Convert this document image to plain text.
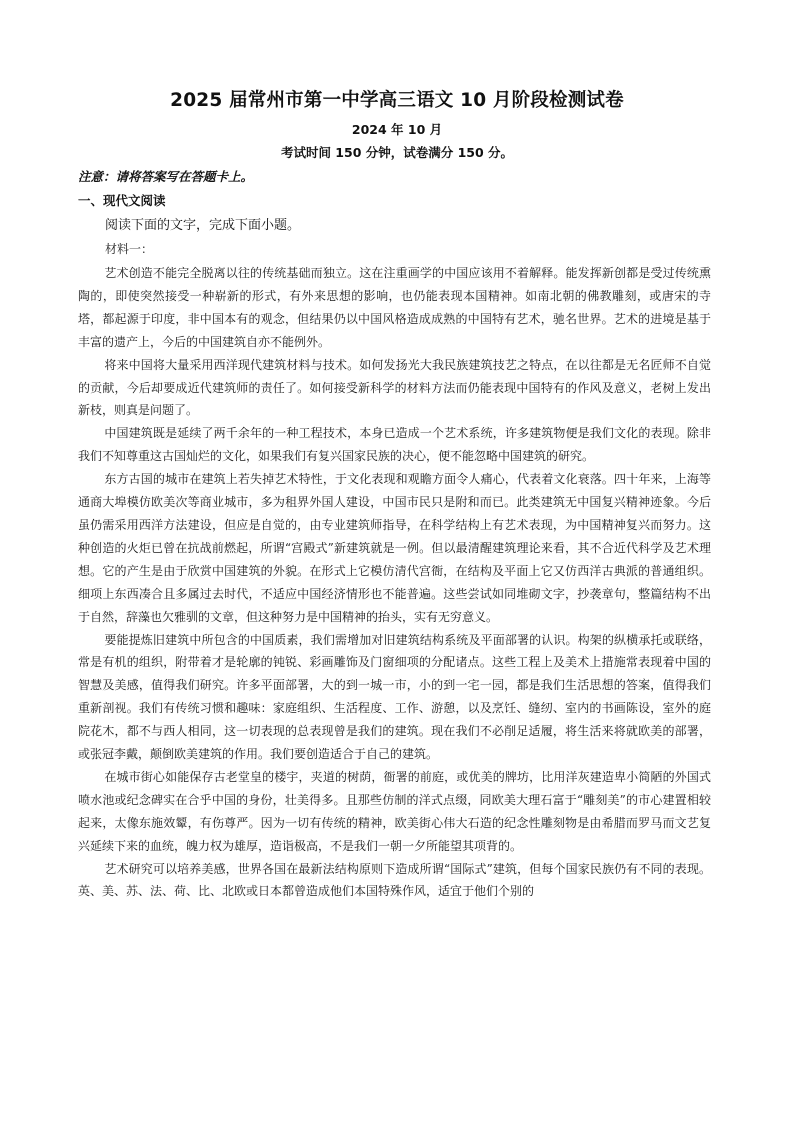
2025 届常州市第一中学高三语文 10 月阶段检测试卷
2024 年 10 月
考试时间 150 分钟，试卷满分 150 分。
注意：请将答案写在答题卡上。
一、现代文阅读
阅读下面的文字，完成下面小题。
材料一：

艺术创造不能完全脱离以往的传统基础而独立。这在注重画学的中国应该用不着解释。能发挥新创都是受过传统熏陶的，即使突然接受一种崭新的形式，有外来思想的影响，也仍能表现本国精神。如南北朝的佛教雕刻，或唐宋的寺塔，都起源于印度，非中国本有的观念，但结果仍以中国风格造成成熟的中国特有艺术，驰名世界。艺术的进境是基于丰富的遗产上，今后的中国建筑自亦不能例外。

将来中国将大量采用西洋现代建筑材料与技术。如何发扬光大我民族建筑技艺之特点，在以往都是无名匠师不自觉的贡献，今后却要成近代建筑师的责任了。如何接受新科学的材料方法而仍能表现中国特有的作风及意义，老树上发出新枝，则真是问题了。

中国建筑既是延续了两千余年的一种工程技术，本身已造成一个艺术系统，许多建筑物便是我们文化的表现。除非我们不知尊重这古国灿烂的文化，如果我们有复兴国家民族的决心，便不能忽略中国建筑的研究。

东方古国的城市在建筑上若失掉艺术特性，于文化表现和观瞻方面令人痛心，代表着文化衰落。四十年来，上海等通商大埠模仿欧美次等商业城市，多为租界外国人建设，中国市民只是附和而已。此类建筑无中国复兴精神迹象。今后虽仍需采用西洋方法建设，但应是自觉的，由专业建筑师指导，在科学结构上有艺术表现，为中国精神复兴而努力。这种创造的火炬已曾在抗战前燃起，所谓“宫殿式”新建筑就是一例。但以最清醒建筑理论来看，其不合近代科学及艺术理想。它的产生是由于欣赏中国建筑的外貌。在形式上它模仿清代宫衙，在结构及平面上它又仿西洋古典派的普通组织。细项上东西凑合且多属过去时代，不适应中国经济情形也不能普遍。这些尝试如同堆砌文字，抄袭章句，整篇结构不出于自然，辞藻也欠雅驯的文章，但这种努力是中国精神的抬头，实有无穷意义。

要能提炼旧建筑中所包含的中国质素，我们需增加对旧建筑结构系统及平面部署的认识。构架的纵横承托或联络，常是有机的组织，附带着才是轮廓的钝锐、彩画雕饰及门窗细项的分配诸点。这些工程上及美术上措施常表现着中国的智慧及美感，值得我们研究。许多平面部署，大的到一城一市，小的到一宅一园，都是我们生活思想的答案，值得我们重新剖视。我们有传统习惯和趣味：家庭组织、生活程度、工作、游憩，以及烹饪、缝纫、室内的书画陈设，室外的庭院花木，都不与西人相同，这一切表现的总表现曾是我们的建筑。现在我们不必削足适履，将生活来将就欧美的部署，或张冠李戴，颠倒欧美建筑的作用。我们要创造适合于自己的建筑。

在城市街心如能保存古老堂皇的楼宇，夹道的树荫，衙署的前庭，或优美的牌坊，比用洋灰建造卑小简陋的外国式喷水池或纪念碑实在合乎中国的身份，壮美得多。且那些仿制的洋式点缀，同欧美大理石富于“雕刻美”的市心建置相较起来，太像东施效颦，有伤尊严。因为一切有传统的精神，欧美街心伟大石造的纪念性雕刻物是由希腊而罗马而文艺复兴延续下来的血统，魄力权为雄厚，造诣极高，不是我们一朝一夕所能望其项背的。

艺术研究可以培养美感，世界各国在最新法结构原则下造成所谓“国际式”建筑，但每个国家民族仍有不同的表现。英、美、苏、法、荷、比、北欧或日本都曾造成他们本国特殊作风，适宜于他们个别的
